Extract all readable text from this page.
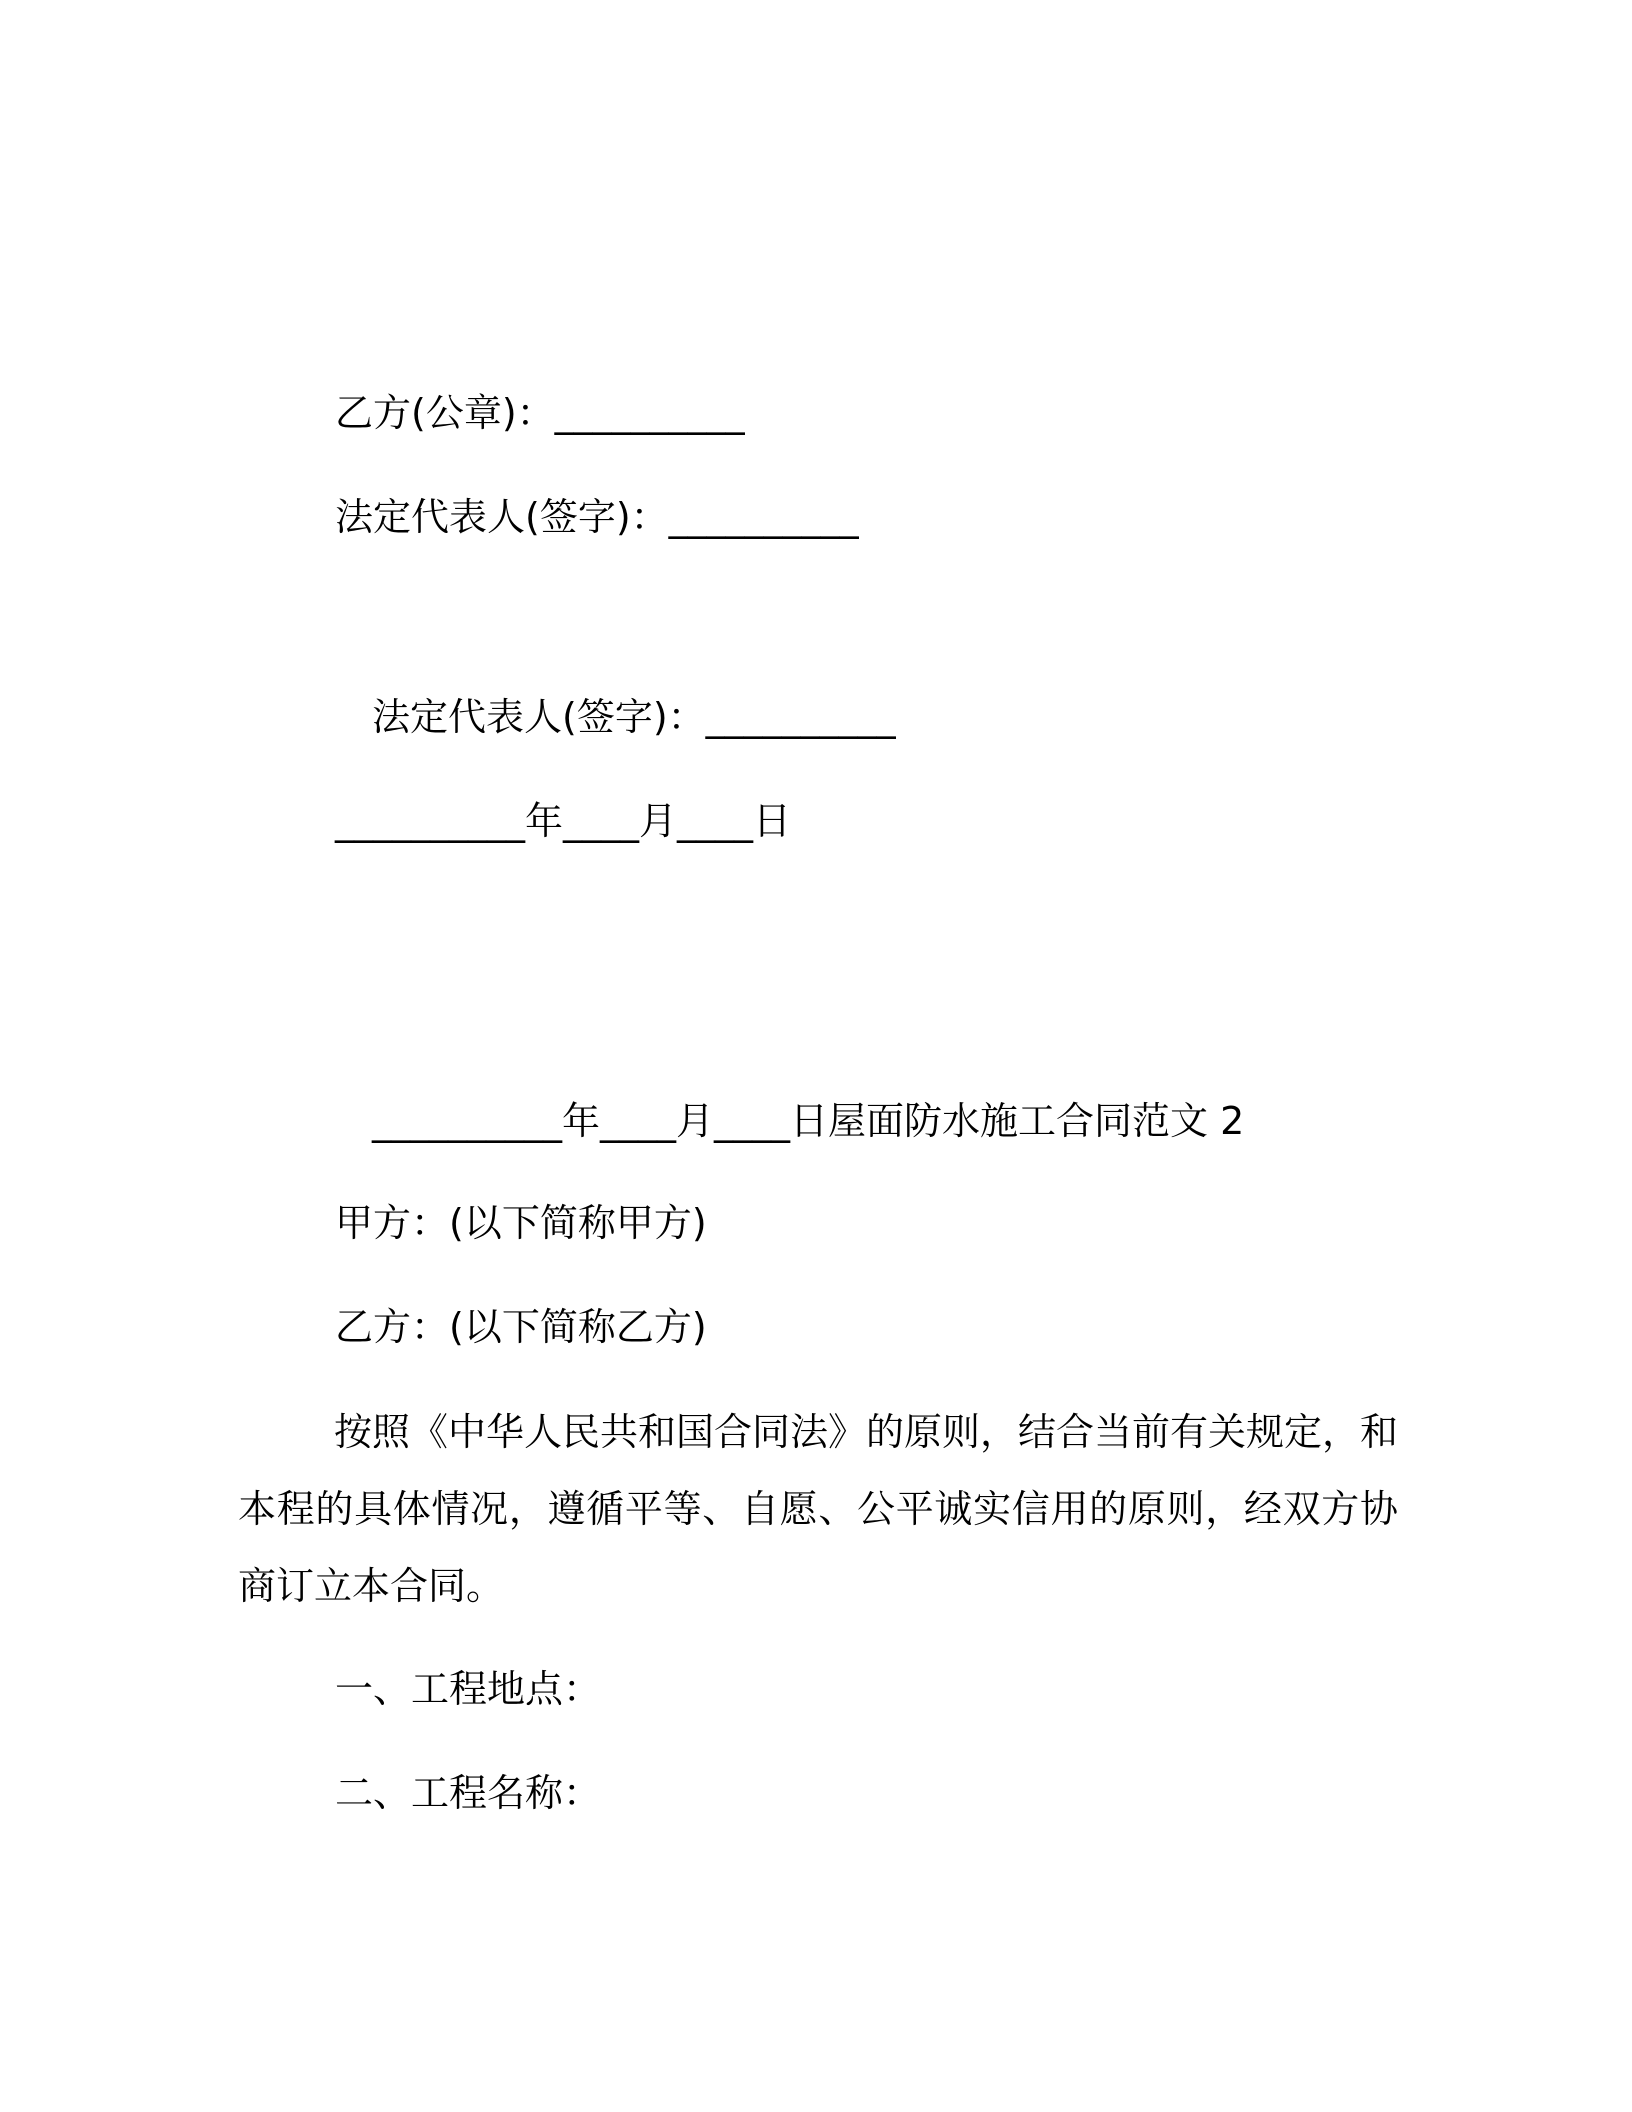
乙方(公章)：__________
法定代表人(签字)：__________
法定代表人(签字)：__________
__________年____月____日
__________年____月____日屋面防水施工合同范文 2
甲方：(以下简称甲方)
乙方：(以下简称乙方)
按照《中华人民共和国合同法》的原则，结合当前有关规定，和本程的具体情况，遵循平等、自愿、公平诚实信用的原则，经双方协商订立本合同。
一、工程地点：
二、工程名称：
